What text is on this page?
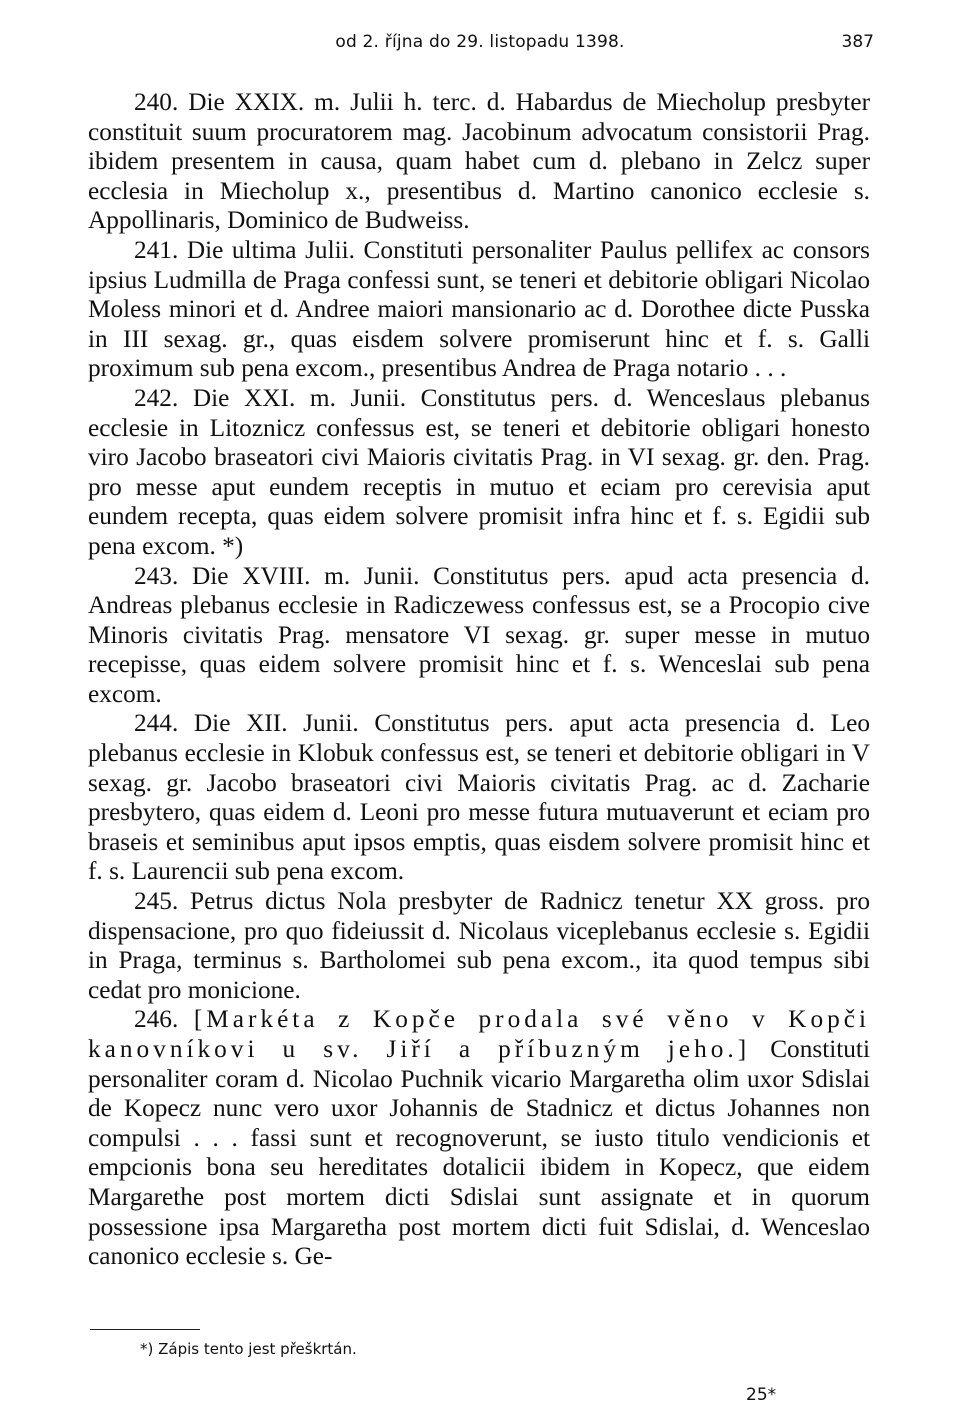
od 2. října do 29. listopadu 1398.	387

240. Die XXIX. m. Julii h. terc. d. Habardus de Miecholup presbyter constituit suum procuratorem mag. Jacobinum advocatum consistorii Prag. ibidem presentem in causa, quam habet cum d. plebano in Zelcz super ecclesia in Miecholup x., presentibus d. Martino canonico ecclesie s. Appollinaris, Dominico de Budweiss.

241. Die ultima Julii. Constituti personaliter Paulus pellifex ac consors ipsius Ludmilla de Praga confessi sunt, se teneri et debitorie obligari Nicolao Moless minori et d. Andree maiori mansionario ac d. Dorothee dicte Pusska in III sexag. gr., quas eisdem solvere promiserunt hinc et f. s. Galli proximum sub pena excom., presentibus Andrea de Praga notario . . .

242. Die XXI. m. Junii. Constitutus pers. d. Wenceslaus plebanus ecclesie in Litoznicz confessus est, se teneri et debitorie obligari honesto viro Jacobo braseatori civi Maioris civitatis Prag. in VI sexag. gr. den. Prag. pro messe aput eundem receptis in mutuo et eciam pro cerevisia aput eundem recepta, quas eidem solvere promisit infra hinc et f. s. Egidii sub pena excom. *)

243. Die XVIII. m. Junii. Constitutus pers. apud acta presencia d. Andreas plebanus ecclesie in Radiczewess confessus est, se a Procopio cive Minoris civitatis Prag. mensatore VI sexag. gr. super messe in mutuo recepisse, quas eidem solvere promisit hinc et f. s. Wenceslai sub pena excom.

244. Die XII. Junii. Constitutus pers. aput acta presencia d. Leo plebanus ecclesie in Klobuk confessus est, se teneri et debitorie obligari in V sexag. gr. Jacobo braseatori civi Maioris civitatis Prag. ac d. Zacharie presbytero, quas eidem d. Leoni pro messe futura mutuaverunt et eciam pro braseis et seminibus aput ipsos emptis, quas eisdem solvere promisit hinc et f. s. Laurencii sub pena excom.

245. Petrus dictus Nola presbyter de Radnicz tenetur XX gross. pro dispensacione, pro quo fideiussit d. Nicolaus viceplebanus ecclesie s. Egidii in Praga, terminus s. Bartholomei sub pena excom., ita quod tempus sibi cedat pro monicione.

246. [Markéta z Kopče prodala své věno v Kopči kanovníkovi u sv. Jiří a příbuzným jeho.] Constituti personaliter coram d. Nicolao Puchnik vicario Margaretha olim uxor Sdislai de Kopecz nunc vero uxor Johannis de Stadnicz et dictus Johannes non compulsi . . . fassi sunt et recognoverunt, se iusto titulo vendicionis et empcionis bona seu hereditates dotalicii ibidem in Kopecz, que eidem Margarethe post mortem dicti Sdislai sunt assignate et in quorum possessione ipsa Margaretha post mortem dicti fuit Sdislai, d. Wenceslao canonico ecclesie s. Ge-

*) Zápis tento jest přeškrtán.
25*
